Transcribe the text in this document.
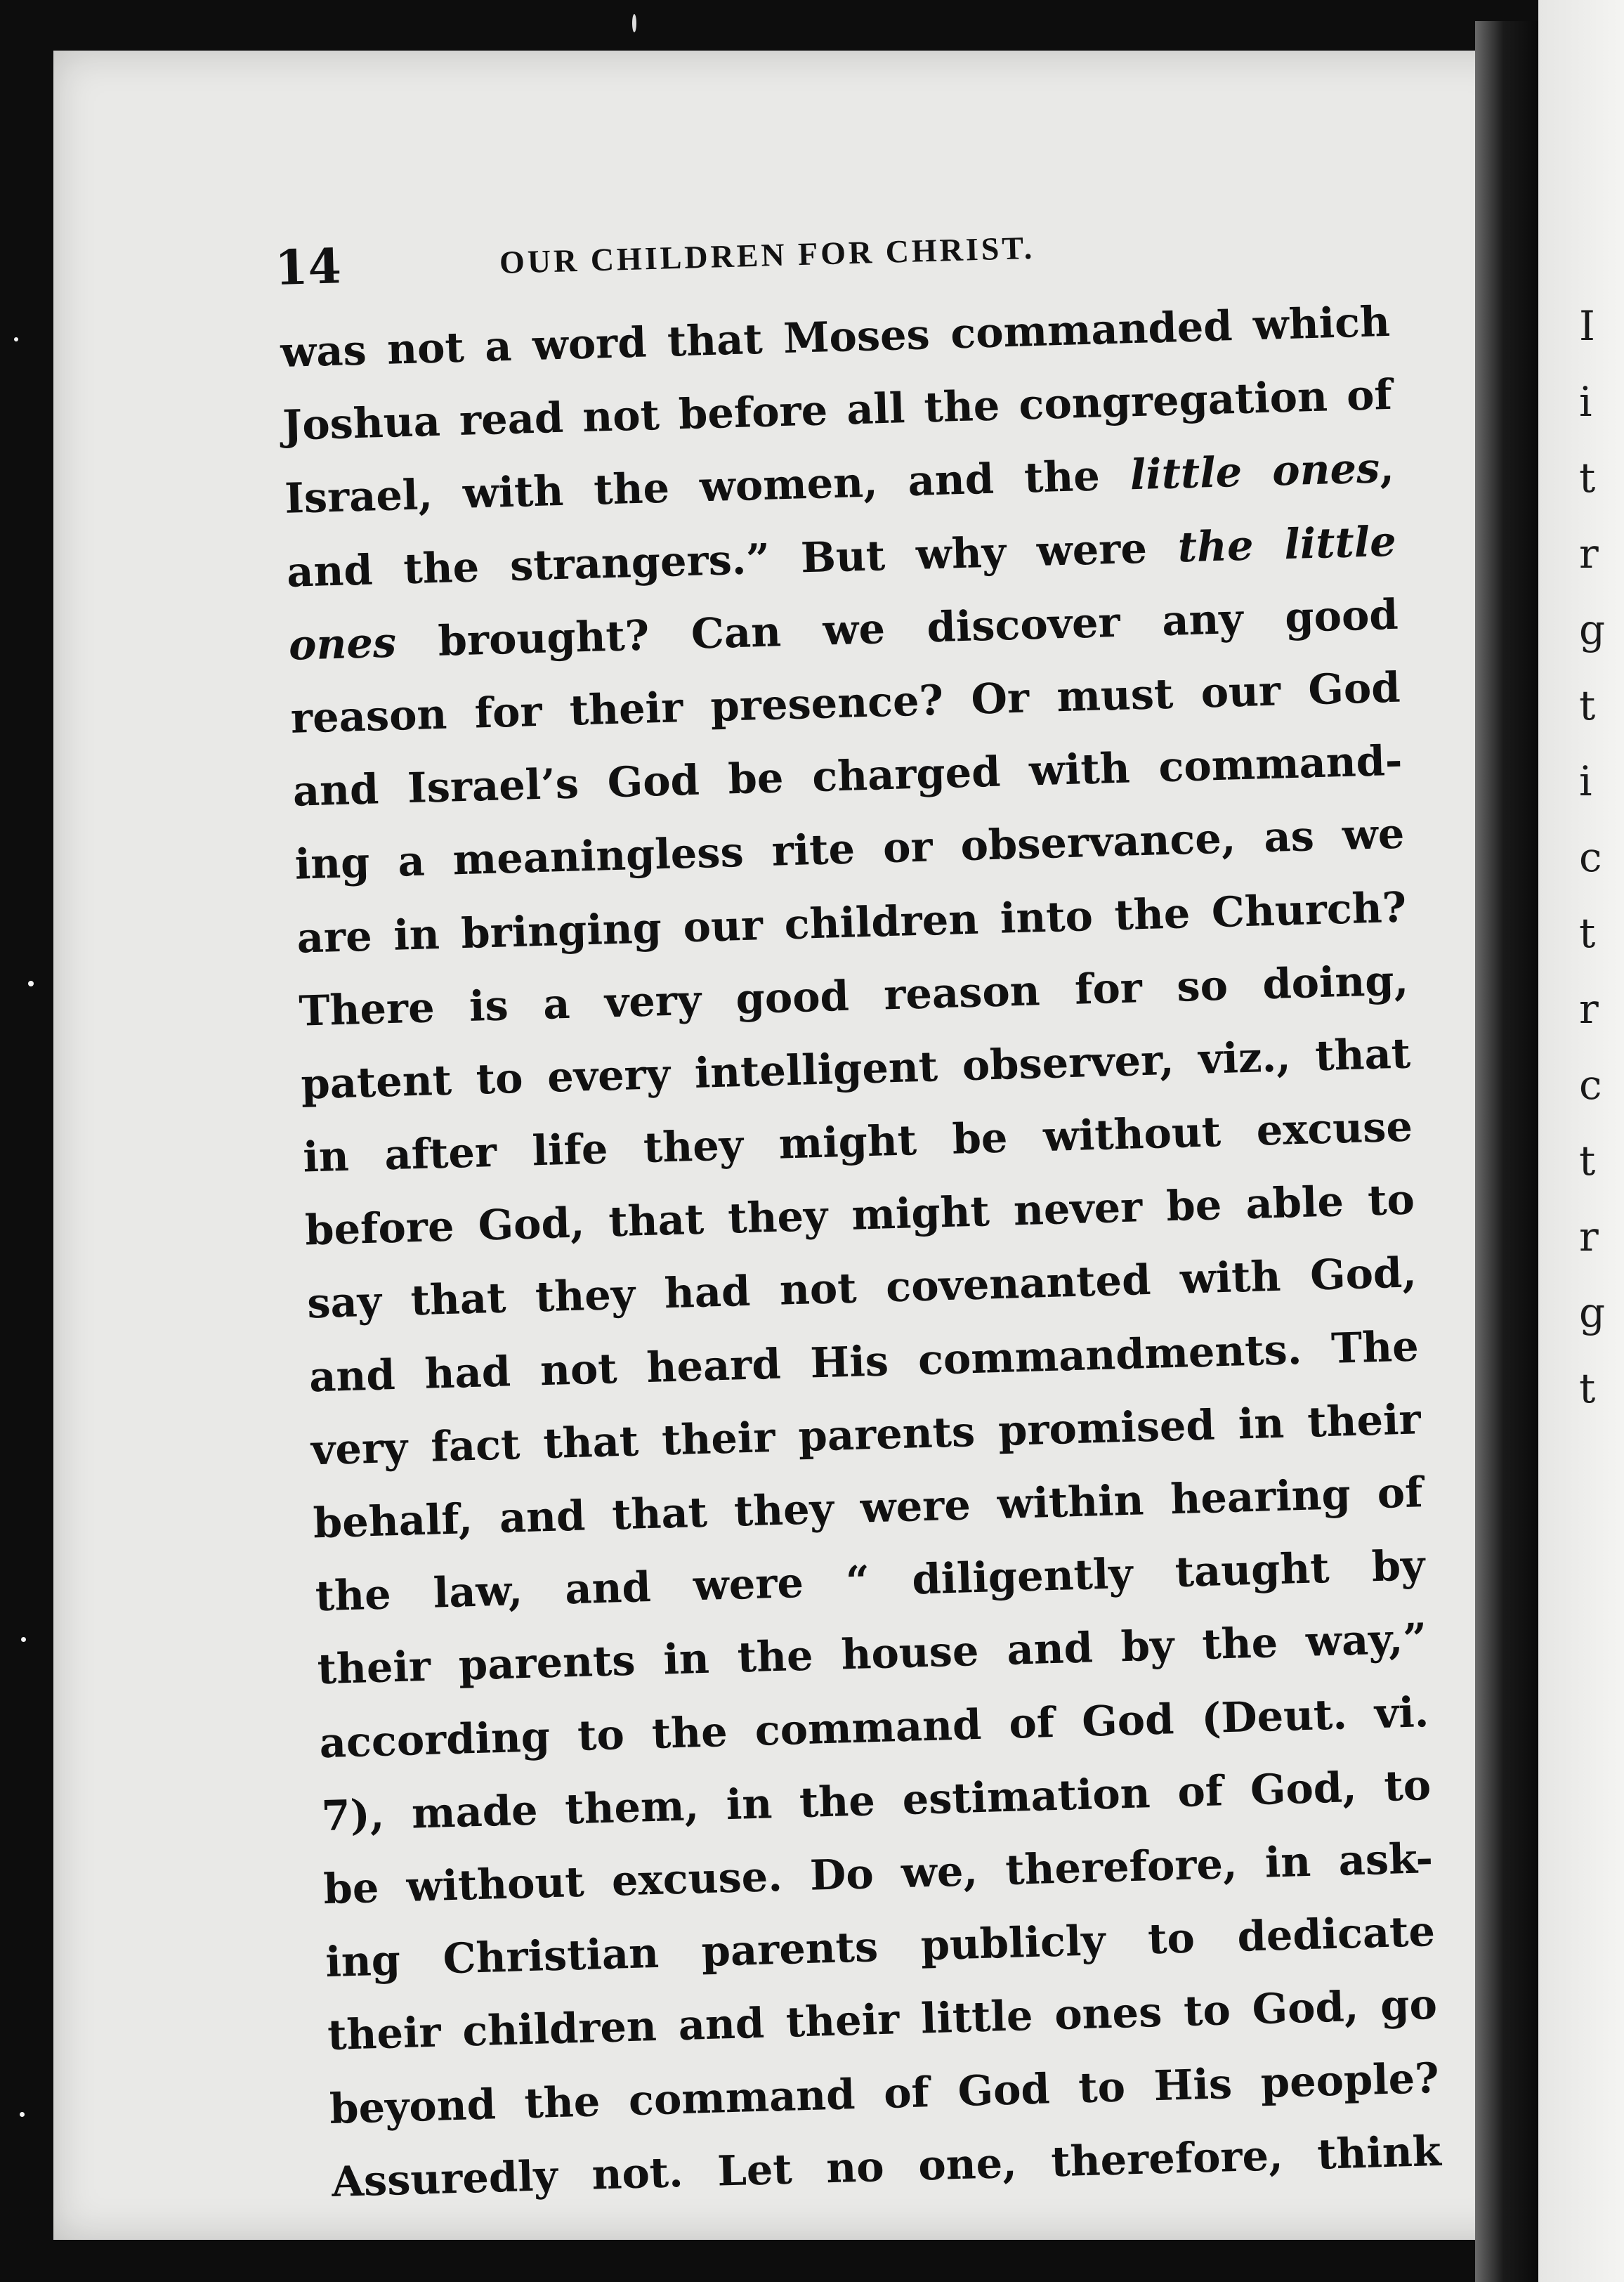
I
i
t
r
g
t
i
c
t
r
c
t
r
g
t
14	OUR CHILDREN FOR CHRIST.
was not a word that Moses commanded which
Joshua read not before all the congregation of
Israel, with the women, and the little ones,
and the strangers.” But why were the little
ones brought? Can we discover any good
reason for their presence? Or must our God
and Israel’s God be charged with command-
ing a meaningless rite or observance, as we
are in bringing our children into the Church?
There is a very good reason for so doing,
patent to every intelligent observer, viz., that
in after life they might be without excuse
before God, that they might never be able to
say that they had not covenanted with God,
and had not heard His commandments. The
very fact that their parents promised in their
behalf, and that they were within hearing of
the law, and were “ diligently taught by
their parents in the house and by the way,”
according to the command of God (Deut. vi.
7), made them, in the estimation of God, to
be without excuse. Do we, therefore, in ask-
ing Christian parents publicly to dedicate
their children and their little ones to God, go
beyond the command of God to His people?
Assuredly not. Let no one, therefore, think
